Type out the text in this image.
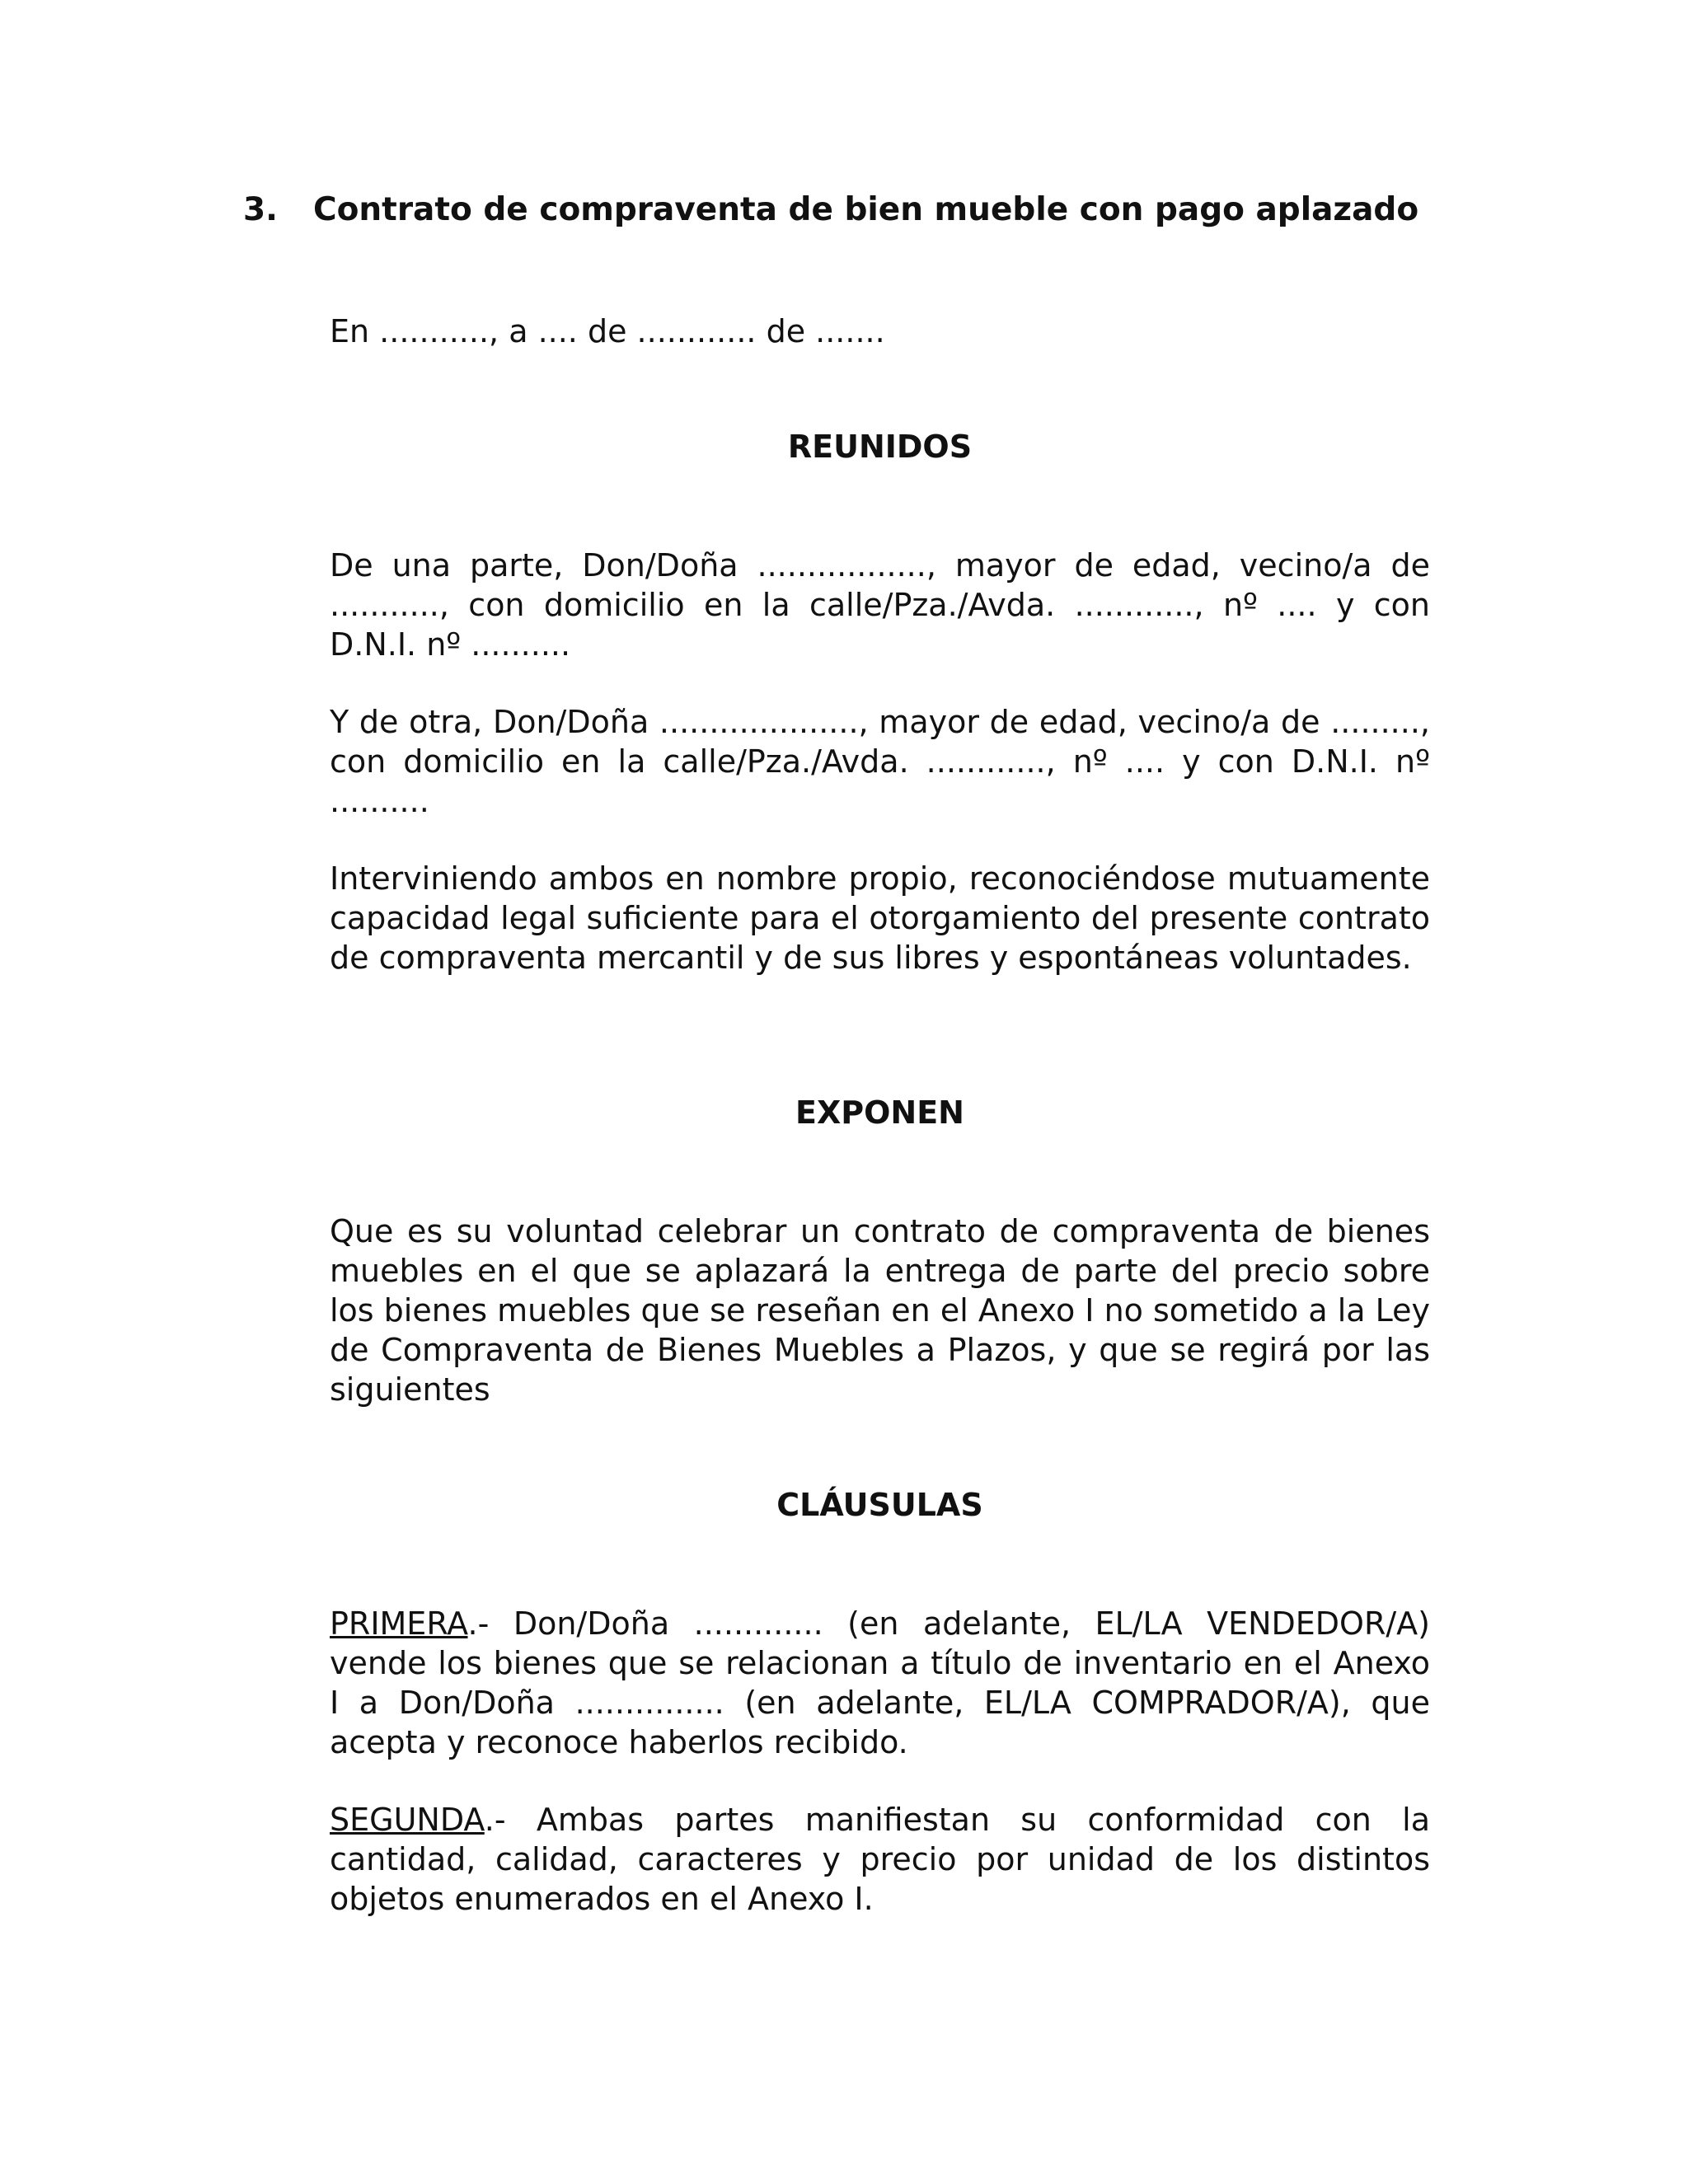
3. Contrato de compraventa de bien mueble con pago aplazado

En ..........., a .... de ............ de .......

REUNIDOS

De una parte, Don/Doña ................., mayor de edad, vecino/a de ..........., con domicilio en la calle/Pza./Avda. ............, nº .... y con D.N.I. nº ..........

Y de otra, Don/Doña ...................., mayor de edad, vecino/a de ........., con domicilio en la calle/Pza./Avda. ............, nº .... y con D.N.I. nº ..........

Interviniendo ambos en nombre propio, reconociéndose mutuamente capacidad legal suficiente para el otorgamiento del presente contrato de compraventa mercantil y de sus libres y espontáneas voluntades.

EXPONEN

Que es su voluntad celebrar un contrato de compraventa de bienes muebles en el que se aplazará la entrega de parte del precio sobre los bienes muebles que se reseñan en el Anexo I no sometido a la Ley de Compraventa de Bienes Muebles a Plazos, y que se regirá por las siguientes

CLÁUSULAS

PRIMERA.- Don/Doña ............. (en adelante, EL/LA VENDEDOR/A) vende los bienes que se relacionan a título de inventario en el Anexo I a Don/Doña ............... (en adelante, EL/LA COMPRADOR/A), que acepta y reconoce haberlos recibido.

SEGUNDA.- Ambas partes manifiestan su conformidad con la cantidad, calidad, caracteres y precio por unidad de los distintos objetos enumerados en el Anexo I.
